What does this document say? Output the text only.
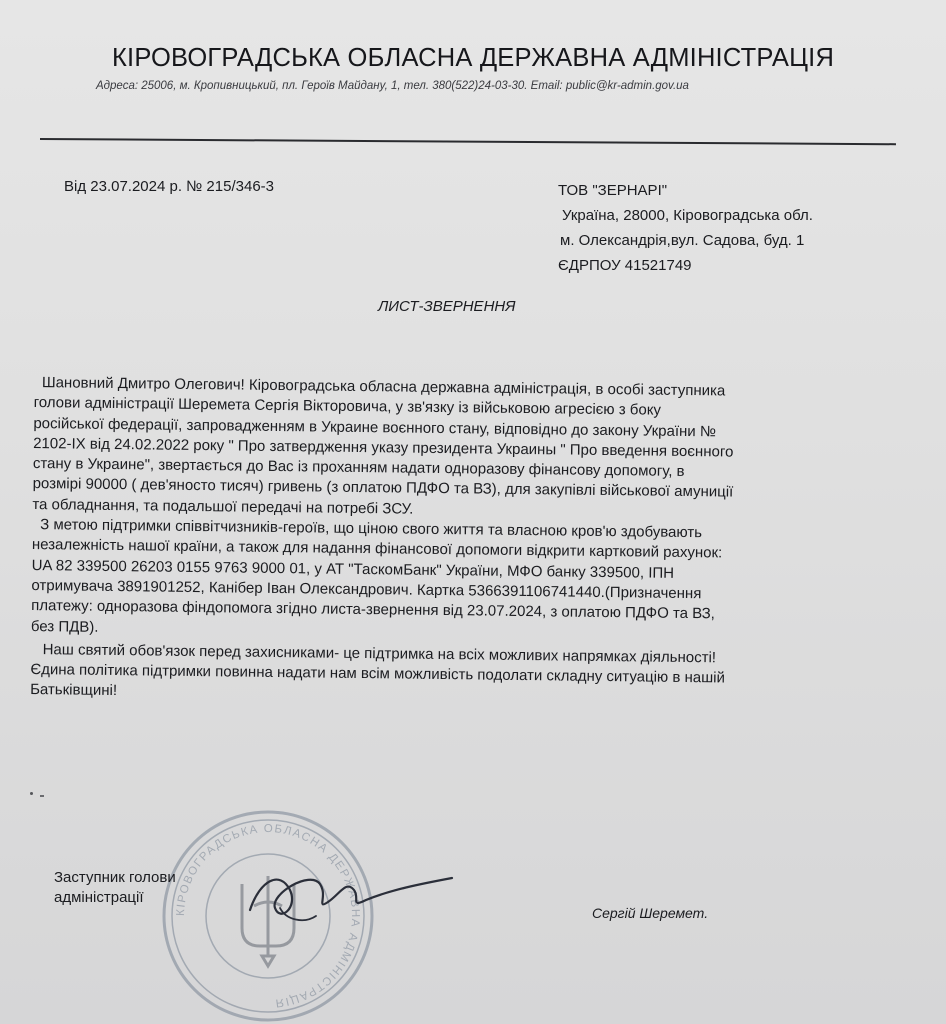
КІРОВОГРАДСЬКА ОБЛАСНА ДЕРЖАВНА АДМІНІСТРАЦІЯ
Адреса: 25006, м. Кропивницький, пл. Героїв Майдану, 1, тел. 380(522)24-03-30. Email: public@kr-admin.gov.ua
Від 23.07.2024 р. № 215/346-3	ТОВ "ЗЕРНАРІ"
Україна, 28000, Кіровоградська обл.
м. Олександрія,вул. Садова, буд. 1
ЄДРПОУ 41521749
ЛИСТ-ЗВЕРНЕННЯ
Шановний Дмитро Олегович! Кіровоградська обласна державна адміністрація, в особі заступника
голови адміністрації Шеремета Сергія Вікторовича, у зв'язку із військовою агресією з боку
російської федерації, запровадженням в Украине воєнного стану, відповідно до закону України №
2102-IX від 24.02.2022 року " Про затвердження указу президента Украины " Про введення воєнного
стану в Украине", звертається до Вас із проханням надати одноразову фінансову допомогу, в
розмірі 90000 ( дев'яносто тисяч) гривень (з оплатою ПДФО та ВЗ), для закупівлі військової амуниції
та обладнання, та подальшої передачі на потребі ЗСУ.
З метою підтримки співвітчизників-героїв, що ціною свого життя та власною кров'ю здобувають
незалежність нашої країни, а також для надання фінансової допомоги відкрити картковий рахунок:
UA 82 339500 26203 0155 9763 9000 01, у АТ "ТаскомБанк" України, МФО банку 339500, ІПН
отримувача 3891901252, Канібер Іван Олександрович. Картка 5366391106741440.(Призначення
платежу: одноразова фіндопомога згідно листа-звернення від 23.07.2024, з оплатою ПДФО та ВЗ,
без ПДВ).
Наш святий обов'язок перед захисниками- це підтримка на всіх можливих напрямках діяльності!
Єдина політика підтримки повинна надати нам всім можливість подолати складну ситуацію в нашій
Батьківщині!
КІРОВОГРАДСЬКА ОБЛАСНА ДЕРЖАВНА АДМІНІСТРАЦІЯ
Заступник голови
адміністрації
Сергій Шеремет.
